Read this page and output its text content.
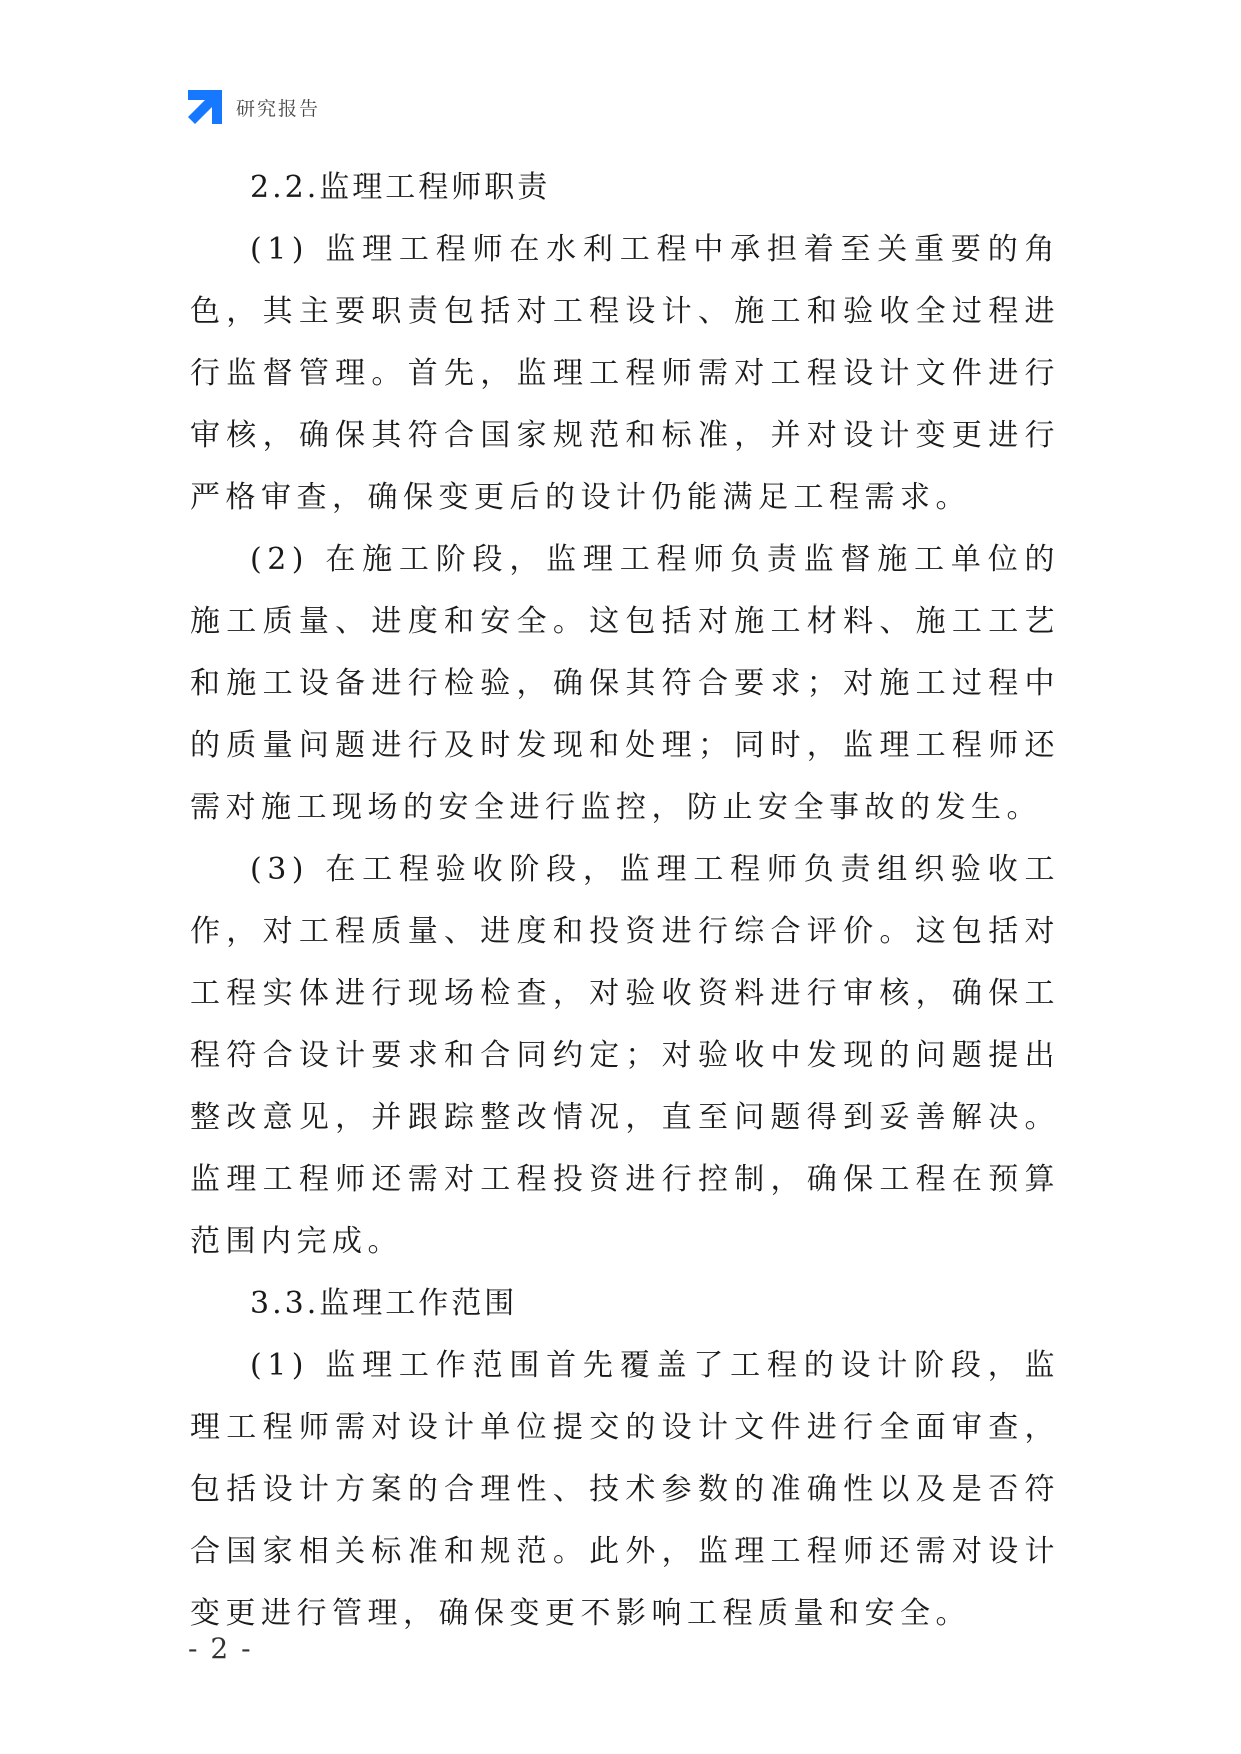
研究报告

2.2.监理工程师职责

(1) 监理工程师在水利工程中承担着至关重要的角色，其主要职责包括对工程设计、施工和验收全过程进行监督管理。首先，监理工程师需对工程设计文件进行审核，确保其符合国家规范和标准，并对设计变更进行严格审查，确保变更后的设计仍能满足工程需求。

(2) 在施工阶段，监理工程师负责监督施工单位的施工质量、进度和安全。这包括对施工材料、施工工艺和施工设备进行检验，确保其符合要求；对施工过程中的质量问题进行及时发现和处理；同时，监理工程师还需对施工现场的安全进行监控，防止安全事故的发生。

(3) 在工程验收阶段，监理工程师负责组织验收工作，对工程质量、进度和投资进行综合评价。这包括对工程实体进行现场检查，对验收资料进行审核，确保工程符合设计要求和合同约定；对验收中发现的问题提出整改意见，并跟踪整改情况，直至问题得到妥善解决。监理工程师还需对工程投资进行控制，确保工程在预算范围内完成。

3.3.监理工作范围

(1) 监理工作范围首先覆盖了工程的设计阶段，监理工程师需对设计单位提交的设计文件进行全面审查，包括设计方案的合理性、技术参数的准确性以及是否符合国家相关标准和规范。此外，监理工程师还需对设计变更进行管理，确保变更不影响工程质量和安全。

- 2 -
